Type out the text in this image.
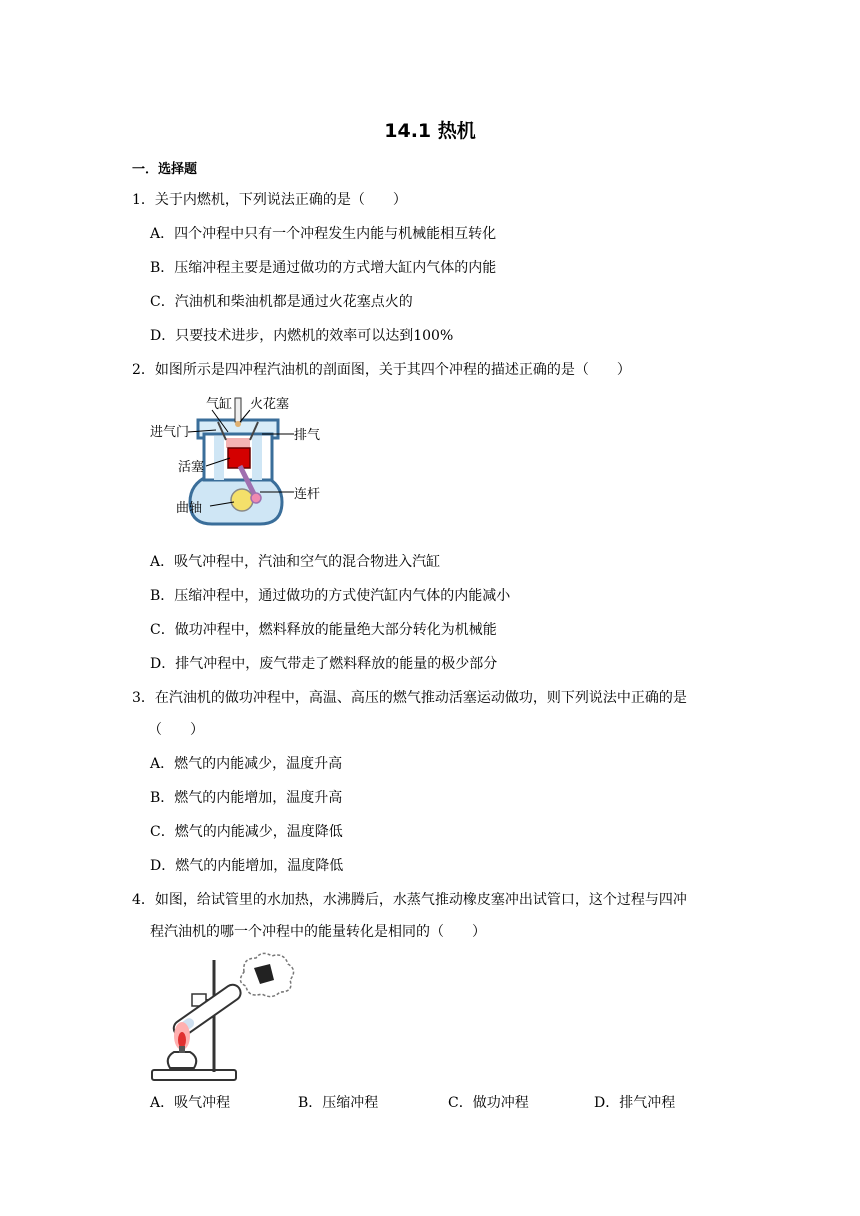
14.1 热机
一．选择题
1．关于内燃机，下列说法正确的是（　　）
A．四个冲程中只有一个冲程发生内能与机械能相互转化
B．压缩冲程主要是通过做功的方式增大缸内气体的内能
C．汽油机和柴油机都是通过火花塞点火的
D．只要技术进步，内燃机的效率可以达到100%
2．如图所示是四冲程汽油机的剖面图，关于其四个冲程的描述正确的是（　　）
气缸 火花塞
进气门	排气
活塞
连杆
曲轴
A．吸气冲程中，汽油和空气的混合物进入汽缸
B．压缩冲程中，通过做功的方式使汽缸内气体的内能减小
C．做功冲程中，燃料释放的能量绝大部分转化为机械能
D．排气冲程中，废气带走了燃料释放的能量的极少部分
3．在汽油机的做功冲程中，高温、高压的燃气推动活塞运动做功，则下列说法中正确的是
（　　）
A．燃气的内能减少，温度升高
B．燃气的内能增加，温度升高
C．燃气的内能减少，温度降低
D．燃气的内能增加，温度降低
4．如图，给试管里的水加热，水沸腾后，水蒸气推动橡皮塞冲出试管口，这个过程与四冲
程汽油机的哪一个冲程中的能量转化是相同的（　　）
A．吸气冲程	B．压缩冲程	C．做功冲程	D．排气冲程
